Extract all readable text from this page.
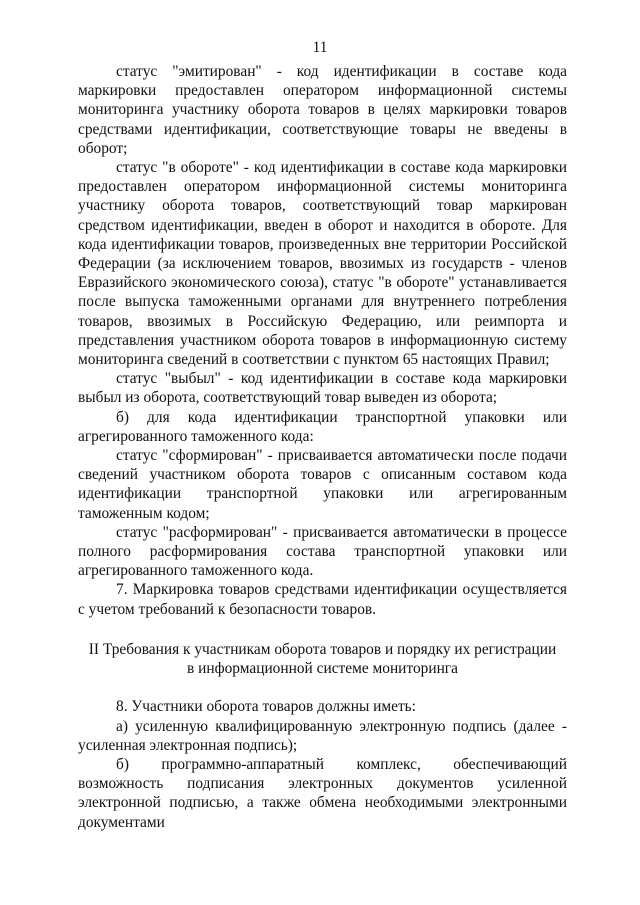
11

статус "эмитирован" - код идентификации в составе кода маркировки предоставлен оператором информационной системы мониторинга участнику оборота товаров в целях маркировки товаров средствами идентификации, соответствующие товары не введены в оборот;

статус "в обороте" - код идентификации в составе кода маркировки предоставлен оператором информационной системы мониторинга участнику оборота товаров, соответствующий товар маркирован средством идентификации, введен в оборот и находится в обороте. Для кода идентификации товаров, произведенных вне территории Российской Федерации (за исключением товаров, ввозимых из государств - членов Евразийского экономического союза), статус "в обороте" устанавливается после выпуска таможенными органами для внутреннего потребления товаров, ввозимых в Российскую Федерацию, или реимпорта и представления участником оборота товаров в информационную систему мониторинга сведений в соответствии с пунктом 65 настоящих Правил;

статус "выбыл" - код идентификации в составе кода маркировки выбыл из оборота, соответствующий товар выведен из оборота;

б) для кода идентификации транспортной упаковки или агрегированного таможенного кода:

статус "сформирован" - присваивается автоматически после подачи сведений участником оборота товаров с описанным составом кода идентификации транспортной упаковки или агрегированным таможенным кодом;

статус "расформирован" - присваивается автоматически в процессе полного расформирования состава транспортной упаковки или агрегированного таможенного кода.

7. Маркировка товаров средствами идентификации осуществляется с учетом требований к безопасности товаров.

II Требования к участникам оборота товаров и порядку их регистрации
в информационной системе мониторинга

8. Участники оборота товаров должны иметь:

а) усиленную квалифицированную электронную подпись (далее - усиленная электронная подпись);

б) программно-аппаратный комплекс, обеспечивающий возможность подписания электронных документов усиленной электронной подписью, а также обмена необходимыми электронными документами
